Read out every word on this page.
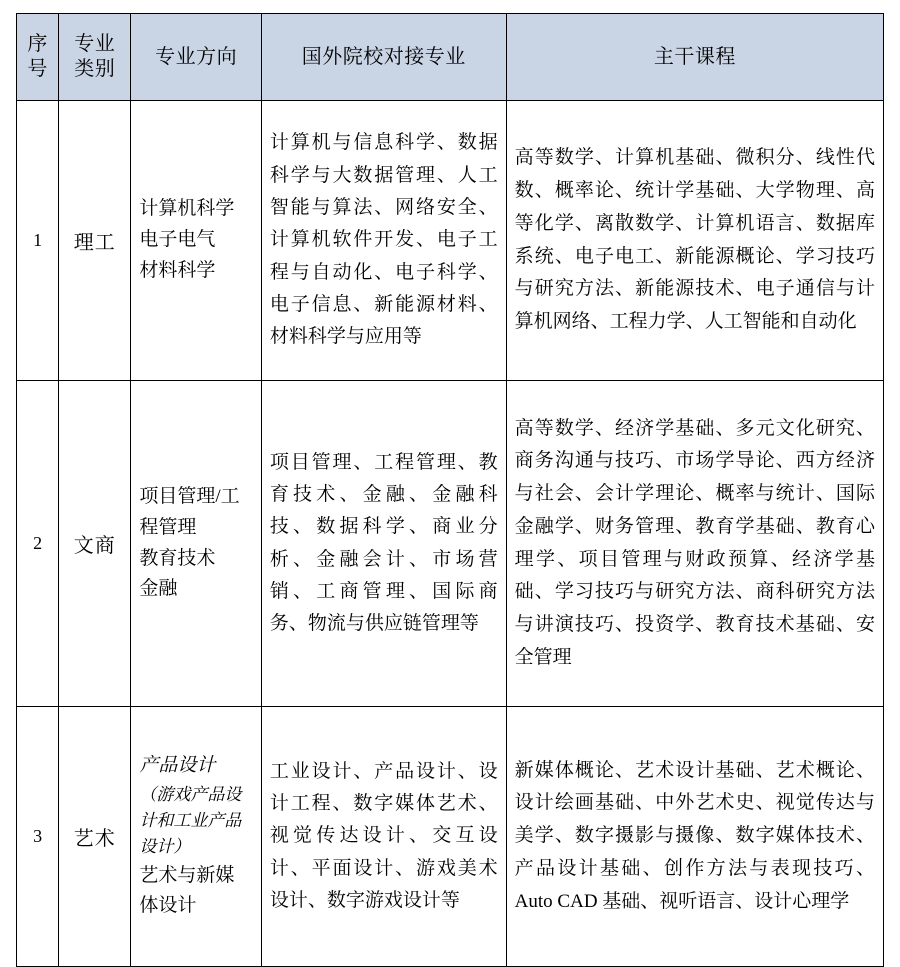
序
号	专业
类别	专业方向	国外院校对接专业	主干课程
1	理工	计算机科学
电子电气
材料科学	计算机与信息科学、数据科学与大数据管理、人工智能与算法、网络安全、计算机软件开发、电子工程与自动化、电子科学、电子信息、新能源材料、材料科学与应用等	高等数学、计算机基础、微积分、线性代数、概率论、统计学基础、大学物理、高等化学、离散数学、计算机语言、数据库系统、电子电工、新能源概论、学习技巧与研究方法、新能源技术、电子通信与计算机网络、工程力学、人工智能和自动化
2	文商	项目管理/工
程管理
教育技术
金融	项目管理、工程管理、教育技术、金融、金融科技、数据科学、商业分析、金融会计、市场营销、工商管理、国际商务、物流与供应链管理等	高等数学、经济学基础、多元文化研究、商务沟通与技巧、市场学导论、西方经济与社会、会计学理论、概率与统计、国际金融学、财务管理、教育学基础、教育心理学、项目管理与财政预算、经济学基础、学习技巧与研究方法、商科研究方法与讲演技巧、投资学、教育技术基础、安全管理
3	艺术	产品设计
（游戏产品设计和工业产品设计）
艺术与新媒
体设计	工业设计、产品设计、设计工程、数字媒体艺术、视觉传达设计、交互设计、平面设计、游戏美术设计、数字游戏设计等	新媒体概论、艺术设计基础、艺术概论、设计绘画基础、中外艺术史、视觉传达与美学、数字摄影与摄像、数字媒体技术、产品设计基础、创作方法与表现技巧、Auto CAD 基础、视听语言、设计心理学
